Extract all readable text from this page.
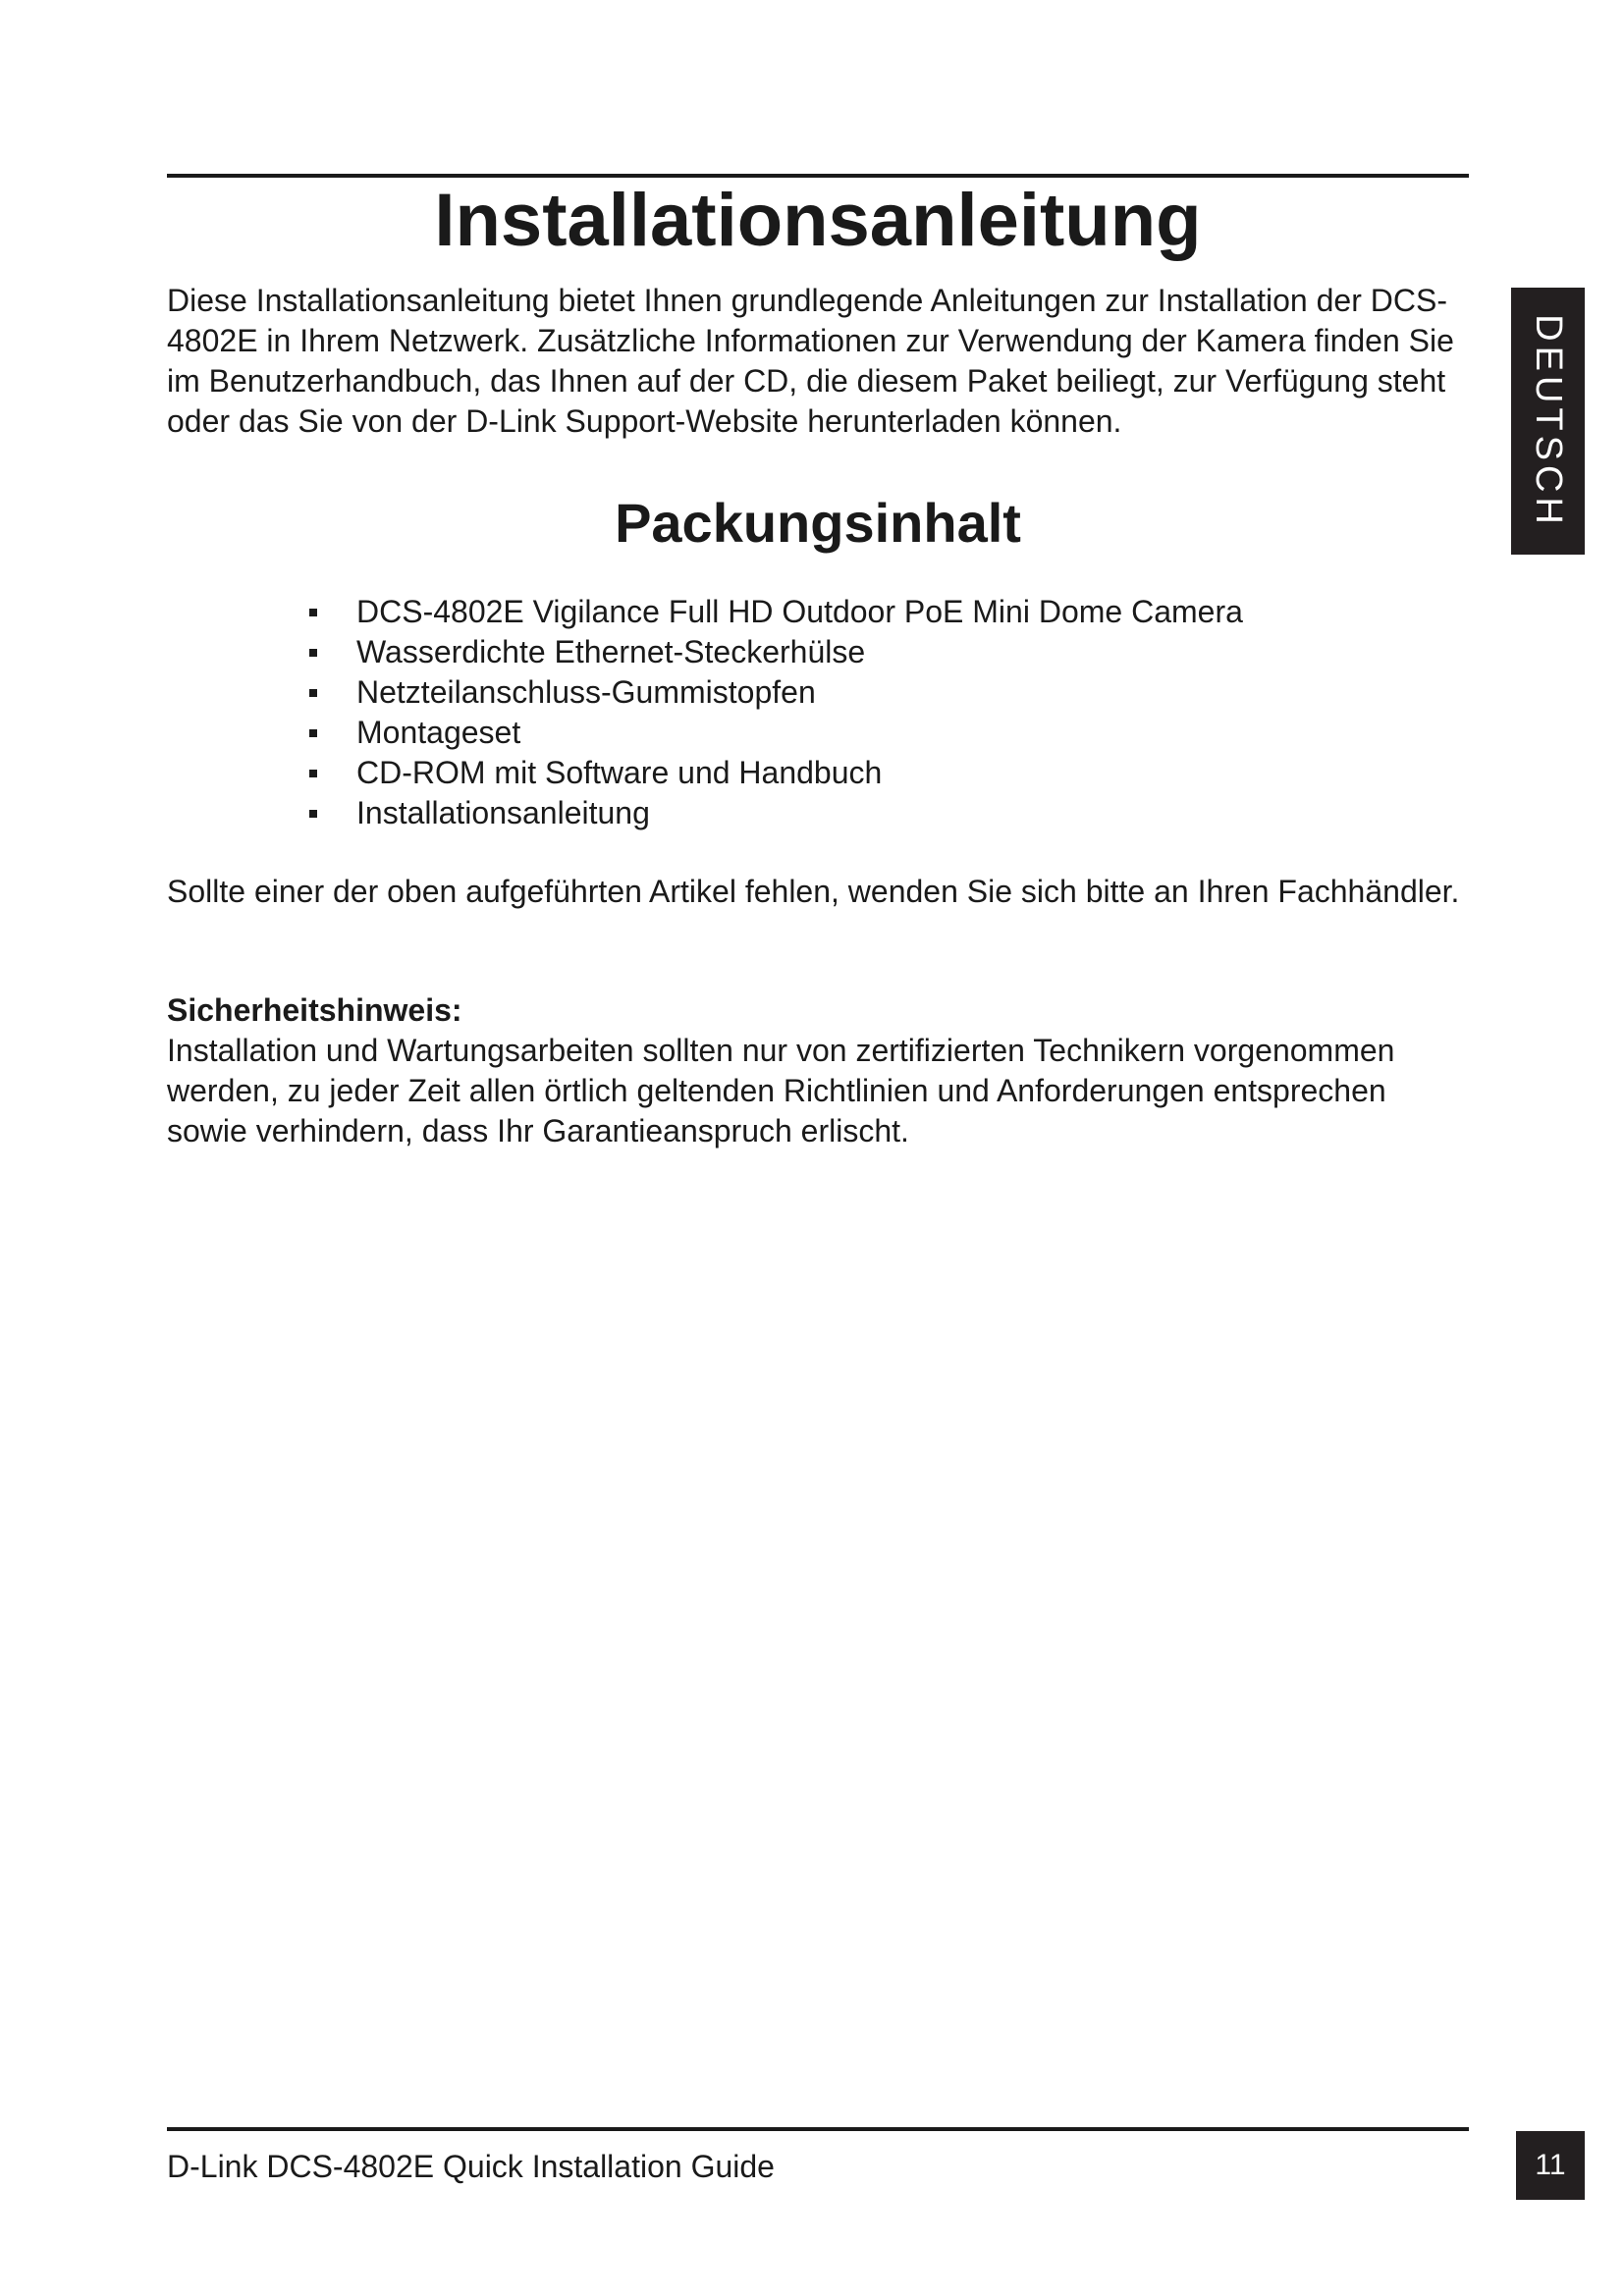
Installationsanleitung

Diese Installationsanleitung bietet Ihnen grundlegende Anleitungen zur Installation der DCS-4802E in Ihrem Netzwerk. Zusätzliche Informationen zur Verwendung der Kamera finden Sie im Benutzerhandbuch, das Ihnen auf der CD, die diesem Paket beiliegt, zur Verfügung steht oder das Sie von der D-Link Support-Website herunterladen können.	DEUTSCH
Packungsinhalt
DCS-4802E Vigilance Full HD Outdoor PoE Mini Dome Camera
Wasserdichte Ethernet-Steckerhülse
Netzteilanschluss-Gummistopfen
Montageset
CD-ROM mit Software und Handbuch
Installationsanleitung

Sollte einer der oben aufgeführten Artikel fehlen, wenden Sie sich bitte an Ihren Fachhändler.

Sicherheitshinweis:

Installation und Wartungsarbeiten sollten nur von zertifizierten Technikern vorgenommen werden, zu jeder Zeit allen örtlich geltenden Richtlinien und Anforderungen entsprechen sowie verhindern, dass Ihr Garantieanspruch erlischt.

D-Link DCS-4802E Quick Installation Guide	11
